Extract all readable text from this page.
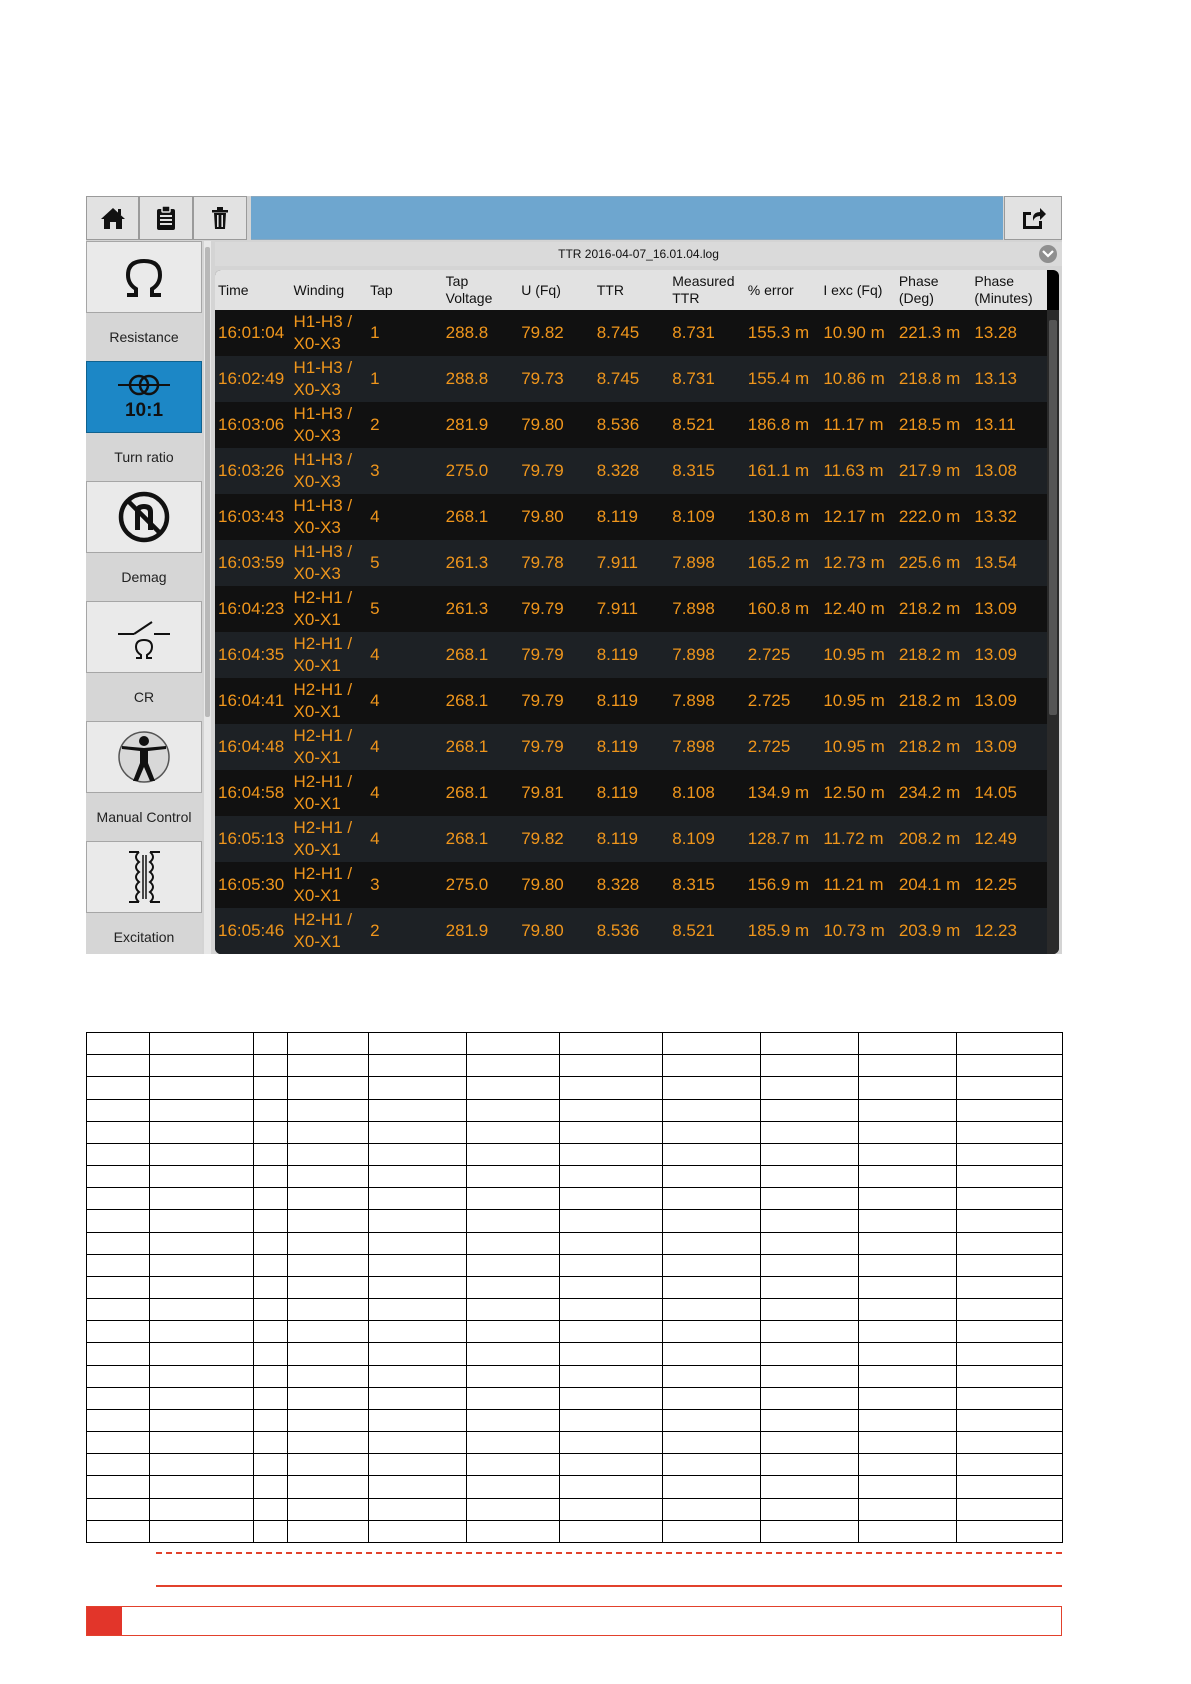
Resistance
10:1
Turn ratio
Demag
CR
Manual Control
Excitation
TTR 2016-04-07_16.01.04.log
Time	Winding	Tap	Tap Voltage	U (Fq)	TTR	Measured TTR	% error	I exc (Fq)	Phase (Deg)	Phase (Minutes)
16:01:04	H1-H3 / X0-X3	1	288.8	79.82	8.745	8.731	155.3 m	10.90 m	221.3 m	13.28
16:02:49	H1-H3 / X0-X3	1	288.8	79.73	8.745	8.731	155.4 m	10.86 m	218.8 m	13.13
16:03:06	H1-H3 / X0-X3	2	281.9	79.80	8.536	8.521	186.8 m	11.17 m	218.5 m	13.11
16:03:26	H1-H3 / X0-X3	3	275.0	79.79	8.328	8.315	161.1 m	11.63 m	217.9 m	13.08
16:03:43	H1-H3 / X0-X3	4	268.1	79.80	8.119	8.109	130.8 m	12.17 m	222.0 m	13.32
16:03:59	H1-H3 / X0-X3	5	261.3	79.78	7.911	7.898	165.2 m	12.73 m	225.6 m	13.54
16:04:23	H2-H1 / X0-X1	5	261.3	79.79	7.911	7.898	160.8 m	12.40 m	218.2 m	13.09
16:04:35	H2-H1 / X0-X1	4	268.1	79.79	8.119	7.898	2.725	10.95 m	218.2 m	13.09
16:04:41	H2-H1 / X0-X1	4	268.1	79.79	8.119	7.898	2.725	10.95 m	218.2 m	13.09
16:04:48	H2-H1 / X0-X1	4	268.1	79.79	8.119	7.898	2.725	10.95 m	218.2 m	13.09
16:04:58	H2-H1 / X0-X1	4	268.1	79.81	8.119	8.108	134.9 m	12.50 m	234.2 m	14.05
16:05:13	H2-H1 / X0-X1	4	268.1	79.82	8.119	8.109	128.7 m	11.72 m	208.2 m	12.49
16:05:30	H2-H1 / X0-X1	3	275.0	79.80	8.328	8.315	156.9 m	11.21 m	204.1 m	12.25
16:05:46	H2-H1 / X0-X1	2	281.9	79.80	8.536	8.521	185.9 m	10.73 m	203.9 m	12.23
